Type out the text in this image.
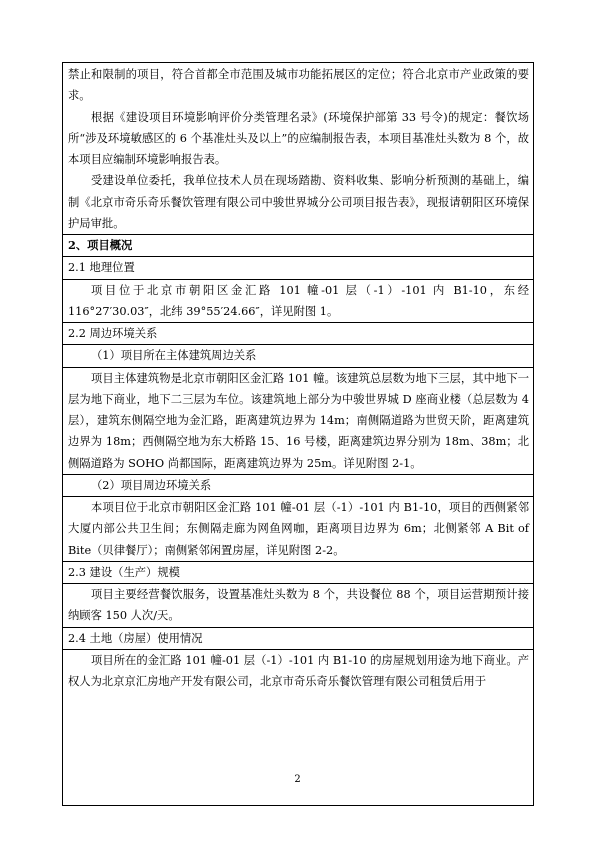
禁止和限制的项目，符合首都全市范围及城市功能拓展区的定位；符合北京市产业政策的要求。

根据《建设项目环境影响评价分类管理名录》(环境保护部第 33 号令)的规定：餐饮场所“涉及环境敏感区的 6 个基准灶头及以上”的应编制报告表，本项目基准灶头数为 8 个，故本项目应编制环境影响报告表。

受建设单位委托，我单位技术人员在现场踏勘、资料收集、影响分析预测的基础上，编制《北京市奇乐奇乐餐饮管理有限公司中骏世界城分公司项目报告表》，现报请朝阳区环境保护局审批。

2、项目概况

2.1 地理位置

项目位于北京市朝阳区金汇路 101 幢-01 层（-1）-101 内 B1-10，东经 116°27′30.03″，北纬 39°55′24.66″，详见附图 1。

2.2 周边环境关系

（1）项目所在主体建筑周边关系

项目主体建筑物是北京市朝阳区金汇路 101 幢。该建筑总层数为地下三层，其中地下一层为地下商业，地下二三层为车位。该建筑地上部分为中骏世界城 D 座商业楼（总层数为 4 层），建筑东侧隔空地为金汇路，距离建筑边界为 14m；南侧隔道路为世贸天阶，距离建筑边界为 18m；西侧隔空地为东大桥路 15、16 号楼，距离建筑边界分别为 18m、38m；北侧隔道路为 SOHO 尚都国际，距离建筑边界为 25m。详见附图 2-1。

（2）项目周边环境关系

本项目位于北京市朝阳区金汇路 101 幢-01 层（-1）-101 内 B1-10，项目的西侧紧邻大厦内部公共卫生间；东侧隔走廊为网鱼网咖，距离项目边界为 6m；北侧紧邻 A Bit of Bite（贝律餐厅）；南侧紧邻闲置房屋，详见附图 2-2。

2.3 建设（生产）规模

项目主要经营餐饮服务，设置基准灶头数为 8 个，共设餐位 88 个，项目运营期预计接纳顾客 150 人次/天。

2.4 土地（房屋）使用情况

项目所在的金汇路 101 幢-01 层（-1）-101 内 B1-10 的房屋规划用途为地下商业。产权人为北京京汇房地产开发有限公司，北京市奇乐奇乐餐饮管理有限公司租赁后用于

2
